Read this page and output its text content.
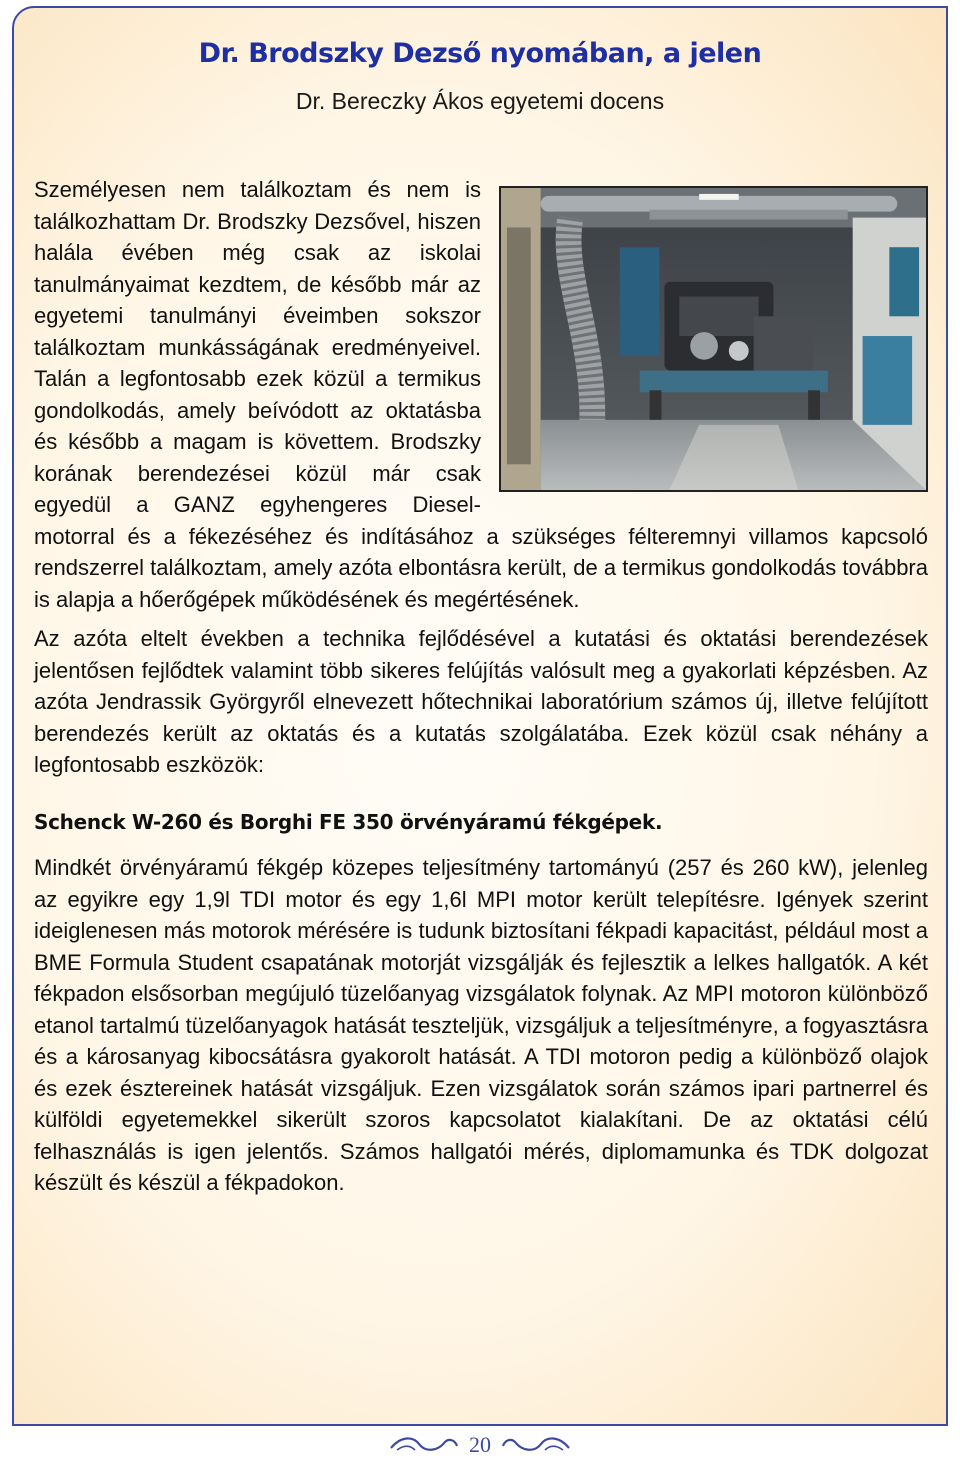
Dr. Brodszky Dezső nyomában, a jelen
Dr. Bereczky Ákos egyetemi docens

Személyesen nem találkoztam és nem is találkozhattam Dr. Brodszky Dezsővel, hiszen halála évében még csak az iskolai tanulmányaimat kezdtem, de később már az egyetemi tanulmányi éveimben sokszor találkoztam munkásságának eredményeivel. Talán a legfontosabb ezek közül a termikus gondolkodás, amely beívódott az oktatásba és később a magam is követtem. Brodszky korának berendezései közül már csak egyedül a GANZ egyhengeres Diesel-motorral és a fékezéséhez és indításához a szükséges félteremnyi villamos kapcsoló rendszerrel találkoztam, amely azóta elbontásra került, de a termikus gondolkodás továbbra is alapja a hőerőgépek működésének és megértésének.

Az azóta eltelt években a technika fejlődésével a kutatási és oktatási berendezések jelentősen fejlődtek valamint több sikeres felújítás valósult meg a gyakorlati képzésben. Az azóta Jendrassik Györgyről elnevezett hőtechnikai laboratórium számos új, illetve felújított berendezés került az oktatás és a kutatás szolgálatába. Ezek közül csak néhány a legfontosabb eszközök:

Schenck W-260 és Borghi FE 350 örvényáramú fékgépek.

Mindkét örvényáramú fékgép közepes teljesítmény tartományú (257 és 260 kW), jelenleg az egyikre egy 1,9l TDI motor és egy 1,6l MPI motor került telepítésre. Igények szerint ideiglenesen más motorok mérésére is tudunk biztosítani fékpadi kapacitást, például most a BME Formula Student csapatának motorját vizsgálják és fejlesztik a lelkes hallgatók. A két fékpadon elsősorban megújuló tüzelőanyag vizsgálatok folynak. Az MPI motoron különböző etanol tartalmú tüzelőanyagok hatását teszteljük, vizsgáljuk a teljesítményre, a fogyasztásra és a károsanyag kibocsátásra gyakorolt hatását. A TDI motoron pedig a különböző olajok és ezek észtereinek hatását vizsgáljuk. Ezen vizsgálatok során számos ipari partnerrel és külföldi egyetemekkel sikerült szoros kapcsolatot kialakítani. De az oktatási célú felhasználás is igen jelentős. Számos hallgatói mérés, diplomamunka és TDK dolgozat készült és készül a fékpadokon.

20
